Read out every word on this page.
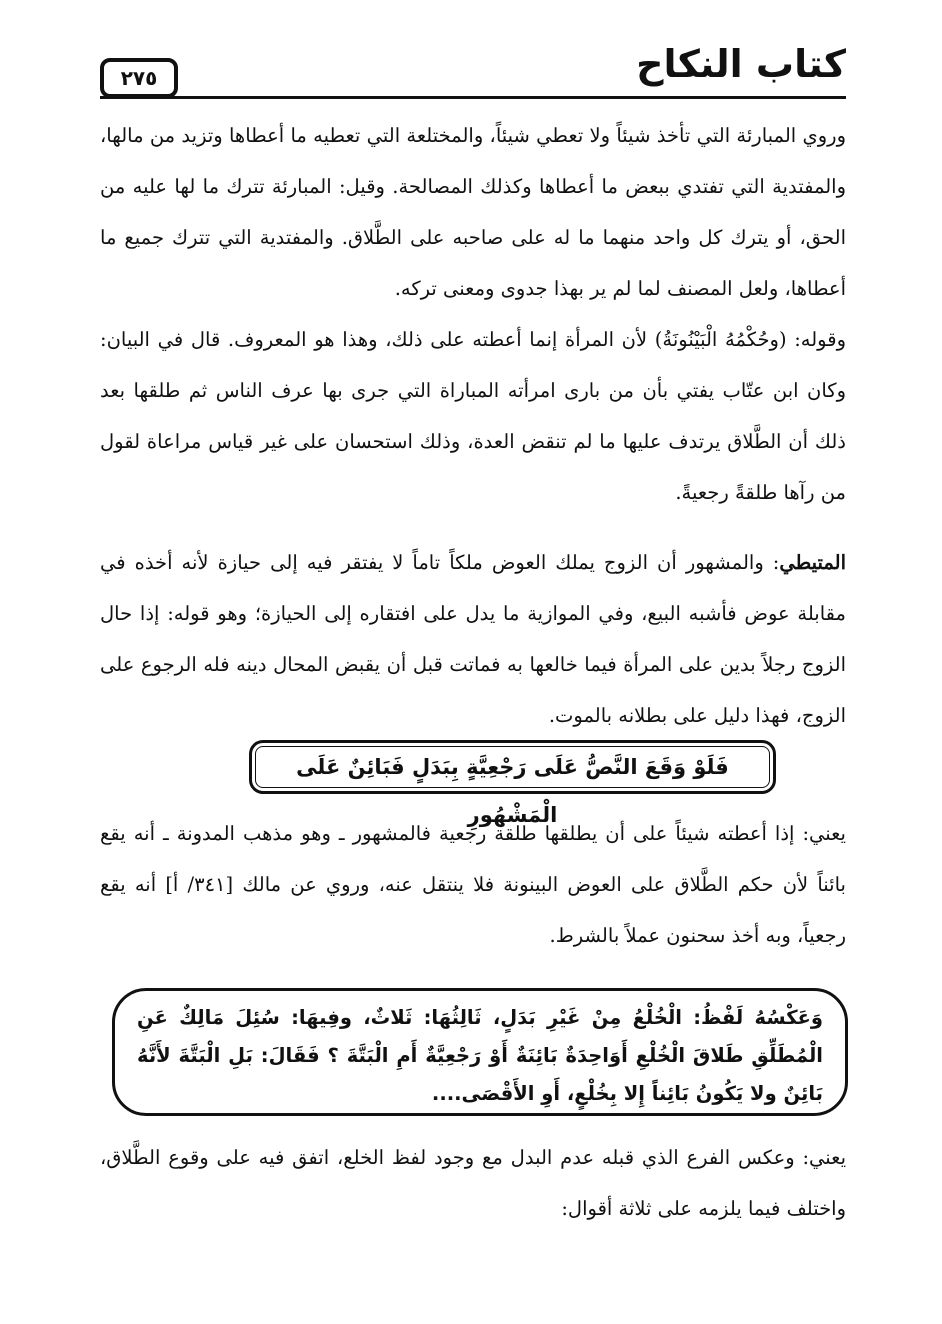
كتاب النكاح
٢٧٥

وروي المبارئة التي تأخذ شيئاً ولا تعطي شيئاً، والمختلعة التي تعطيه ما أعطاها وتزيد من مالها، والمفتدية التي تفتدي ببعض ما أعطاها وكذلك المصالحة. وقيل: المبارئة تترك ما لها عليه من الحق، أو يترك كل واحد منهما ما له على صاحبه على الطَّلاق. والمفتدية التي تترك جميع ما أعطاها، ولعل المصنف لما لم ير بهذا جدوى ومعنى تركه.

وقوله: (وحُكْمُهُ الْبَيْنُونَةُ) لأن المرأة إنما أعطته على ذلك، وهذا هو المعروف. قال في البيان: وكان ابن عتّاب يفتي بأن من بارى امرأته المباراة التي جرى بها عرف الناس ثم طلقها بعد ذلك أن الطَّلاق يرتدف عليها ما لم تنقض العدة، وذلك استحسان على غير قياس مراعاة لقول من رآها طلقةً رجعيةً.

المتيطي: والمشهور أن الزوج يملك العوض ملكاً تاماً لا يفتقر فيه إلى حيازة لأنه أخذه في مقابلة عوض فأشبه البيع، وفي الموازية ما يدل على افتقاره إلى الحيازة؛ وهو قوله: إذا حال الزوج رجلاً بدين على المرأة فيما خالعها به فماتت قبل أن يقبض المحال دينه فله الرجوع على الزوج، فهذا دليل على بطلانه بالموت.

فَلَوْ وَقَعَ النَّصُّ عَلَى رَجْعِيَّةٍ بِبَدَلٍ فَبَائِنٌ عَلَى الْمَشْهُورِ

يعني: إذا أعطته شيئاً على أن يطلقها طلقة رجعية فالمشهور ـ وهو مذهب المدونة ـ أنه يقع بائناً لأن حكم الطَّلاق على العوض البينونة فلا ينتقل عنه، وروي عن مالك [٣٤١/ أ] أنه يقع رجعياً، وبه أخذ سحنون عملاً بالشرط.

وَعَكْسُهُ لَفْظُ: الْخُلْعُ مِنْ غَيْرِ بَدَلٍ، ثَالِثُهَا: ثَلاثٌ، وفِيهَا: سُئِلَ مَالِكٌ عَنِ الْمُطَلِّقِ طَلاقَ الْخُلْعِ أَوَاحِدَةٌ بَائِنَةٌ أَوْ رَجْعِيَّةٌ أَمِ الْبَتَّةَ ؟ فَقَالَ: بَلِ الْبَتَّةَ لأَنَّهُ بَائِنٌ ولا يَكُونُ بَائِناً إِلا بِخُلْعٍ، أَوِ الأَقْصَى....

يعني: وعكس الفرع الذي قبله عدم البدل مع وجود لفظ الخلع، اتفق فيه على وقوع الطَّلاق، واختلف فيما يلزمه على ثلاثة أقوال:
